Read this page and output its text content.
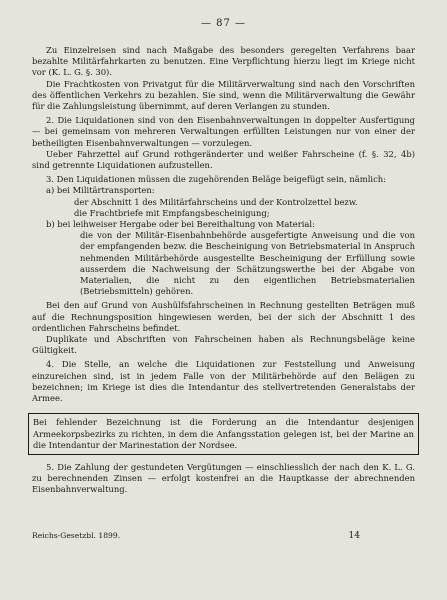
— 87 —

Zu Einzelreisen sind nach Maßgabe des besonders geregelten Verfahrens baar bezahlte Militärfahrkarten zu benutzen. Eine Verpflichtung hierzu liegt im Kriege nicht vor (K. L. G. §. 30).

Die Frachtkosten von Privatgut für die Militärverwaltung sind nach den Vorschriften des öffentlichen Verkehrs zu bezahlen. Sie sind, wenn die Militärverwaltung die Gewähr für die Zahlungsleistung übernimmt, auf deren Verlangen zu stunden.

2. Die Liquidationen sind von den Eisenbahnverwaltungen in doppelter Ausfertigung — bei gemeinsam von mehreren Verwaltungen erfüllten Leistungen nur von einer der betheiligten Eisenbahnverwaltungen — vorzulegen.

Ueber Fahrzettel auf Grund rothgeränderter und weißer Fahrscheine (f. §. 32, 4b) sind getrennte Liquidationen aufzustellen.

3. Den Liquidationen müssen die zugehörenden Beläge beigefügt sein, nämlich:

a) bei Militärtransporten:
der Abschnitt 1 des Militärfahrscheins und der Kontrolzettel bezw.
die Frachtbriefe mit Empfangsbescheinigung;
b) bei leihweiser Hergabe oder bei Bereithaltung von Material:
die von der Militär-Eisenbahnbehörde ausgefertigte Anweisung und die von der empfangenden bezw. die Bescheinigung von Betriebsmaterial in Anspruch nehmenden Militärbehörde ausgestellte Bescheinigung der Erfüllung sowie ausserdem die Nachweisung der Schätzungswerthe bei der Abgabe von Materialien, die nicht zu den eigentlichen Betriebsmaterialien (Betriebsmitteln) gehören.

Bei den auf Grund von Aushülfsfahrscheinen in Rechnung gestellten Beträgen muß auf die Rechnungsposition hingewiesen werden, bei der sich der Abschnitt 1 des ordentlichen Fahrscheins befindet.

Duplikate und Abschriften von Fahrscheinen haben als Rechnungsbeläge keine Gültigkeit.

4. Die Stelle, an welche die Liquidationen zur Feststellung und Anweisung einzureichen sind, ist in jedem Falle von der Militärbehörde auf den Belägen zu bezeichnen; im Kriege ist dies die Intendantur des stellvertretenden Generalstabs der Armee.

Bei fehlender Bezeichnung ist die Forderung an die Intendantur desjenigen Armeekorpsbezirks zu richten, in dem die Anfangsstation gelegen ist, bei der Marine an die Intendantur der Marinestation der Nordsee.

5. Die Zahlung der gestundeten Vergütungen — einschliesslich der nach den K. L. G. zu berechnenden Zinsen — erfolgt kostenfrei an die Hauptkasse der abrechnenden Eisenbahnverwaltung.

Reichs-Gesetzbl. 1899.	14
